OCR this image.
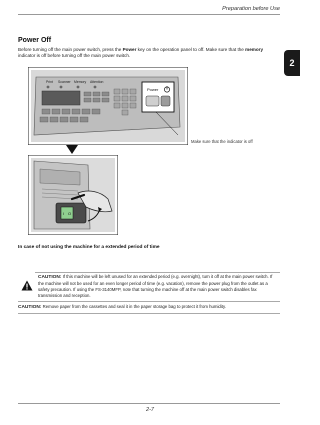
Preparation before Use
2
Power Off
Before turning off the main power switch, press the Power key on the operation panel to off. Make sure that the memory indicator is off before turning off the main power switch.
Print Scanner Memory Attention
Power
Make sure that the indicator is off
I O
In case of not using the machine for a extended period of time
CAUTION: If this machine will be left unused for an extended period (e.g. overnight), turn it off at the main power switch. If the machine will not be used for an even longer period of time (e.g. vacation), remove the power plug from the outlet as a safety precaution. If using the FS-3140MFP, note that turning the machine off at the main power switch disables fax transmission and reception.
CAUTION: Remove paper from the cassettes and seal it in the paper storage bag to protect it from humidity.
2-7
